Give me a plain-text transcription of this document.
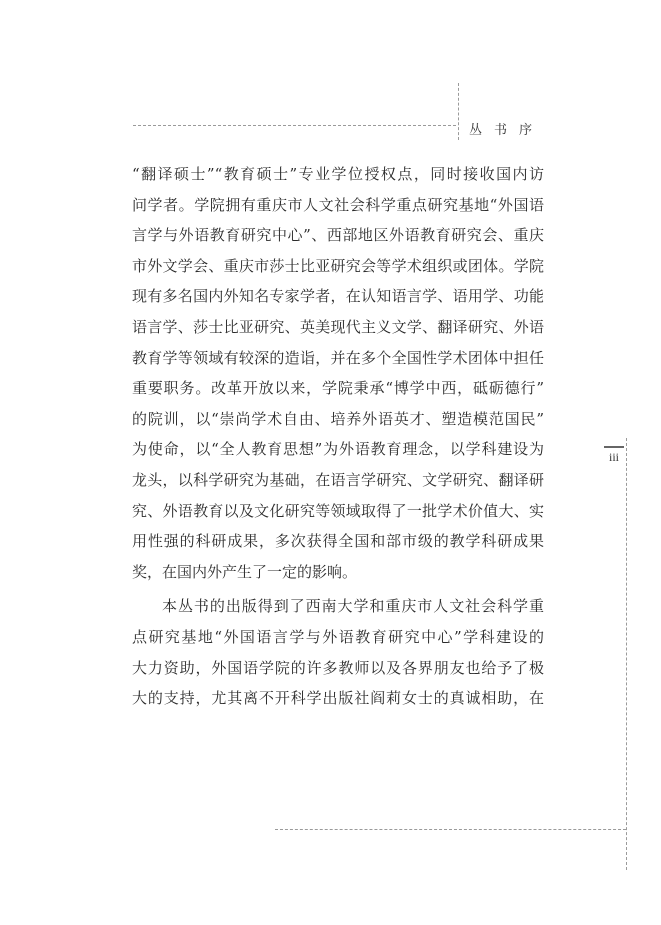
丛书序
iii
“翻译硕士”“教育硕士”专业学位授权点，同时接收国内访
问学者。学院拥有重庆市人文社会科学重点研究基地“外国语
言学与外语教育研究中心”、西部地区外语教育研究会、重庆
市外文学会、重庆市莎士比亚研究会等学术组织或团体。学院
现有多名国内外知名专家学者，在认知语言学、语用学、功能
语言学、莎士比亚研究、英美现代主义文学、翻译研究、外语
教育学等领域有较深的造诣，并在多个全国性学术团体中担任
重要职务。改革开放以来，学院秉承“博学中西，砥砺德行”
的院训，以“崇尚学术自由、培养外语英才、塑造模范国民”
为使命，以“全人教育思想”为外语教育理念，以学科建设为
龙头，以科学研究为基础，在语言学研究、文学研究、翻译研
究、外语教育以及文化研究等领域取得了一批学术价值大、实
用性强的科研成果，多次获得全国和部市级的教学科研成果
奖，在国内外产生了一定的影响。
本丛书的出版得到了西南大学和重庆市人文社会科学重
点研究基地“外国语言学与外语教育研究中心”学科建设的
大力资助，外国语学院的许多教师以及各界朋友也给予了极
大的支持，尤其离不开科学出版社阎莉女士的真诚相助，在
